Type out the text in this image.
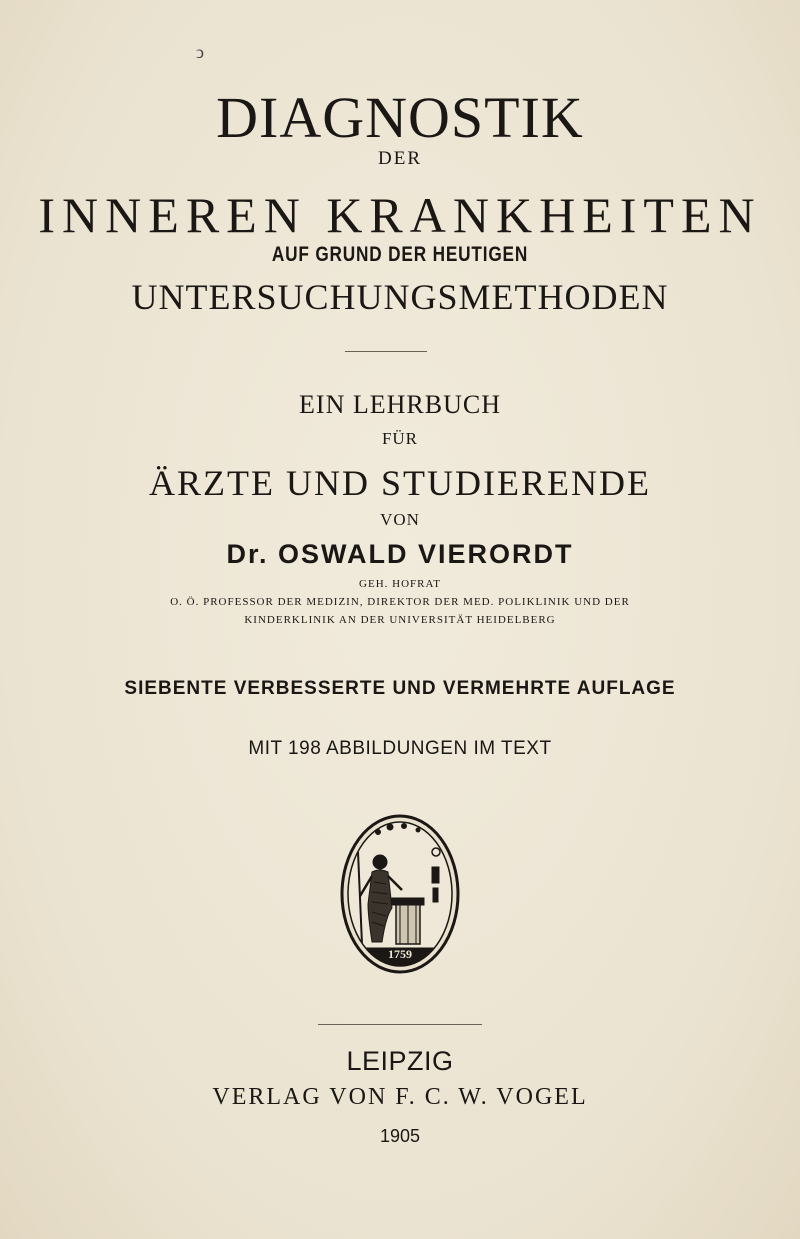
ↄ
DIAGNOSTIK
DER
INNEREN KRANKHEITEN
AUF GRUND DER HEUTIGEN
UNTERSUCHUNGSMETHODEN
EIN LEHRBUCH
FÜR
ÄRZTE UND STUDIERENDE
VON
Dr. OSWALD VIERORDT
GEH. HOFRAT
O. Ö. PROFESSOR DER MEDIZIN, DIREKTOR DER MED. POLIKLINIK UND DER
KINDERKLINIK AN DER UNIVERSITÄT HEIDELBERG
SIEBENTE VERBESSERTE UND VERMEHRTE AUFLAGE
MIT 198 ABBILDUNGEN IM TEXT
1759
LEIPZIG
VERLAG VON F. C. W. VOGEL
1905
